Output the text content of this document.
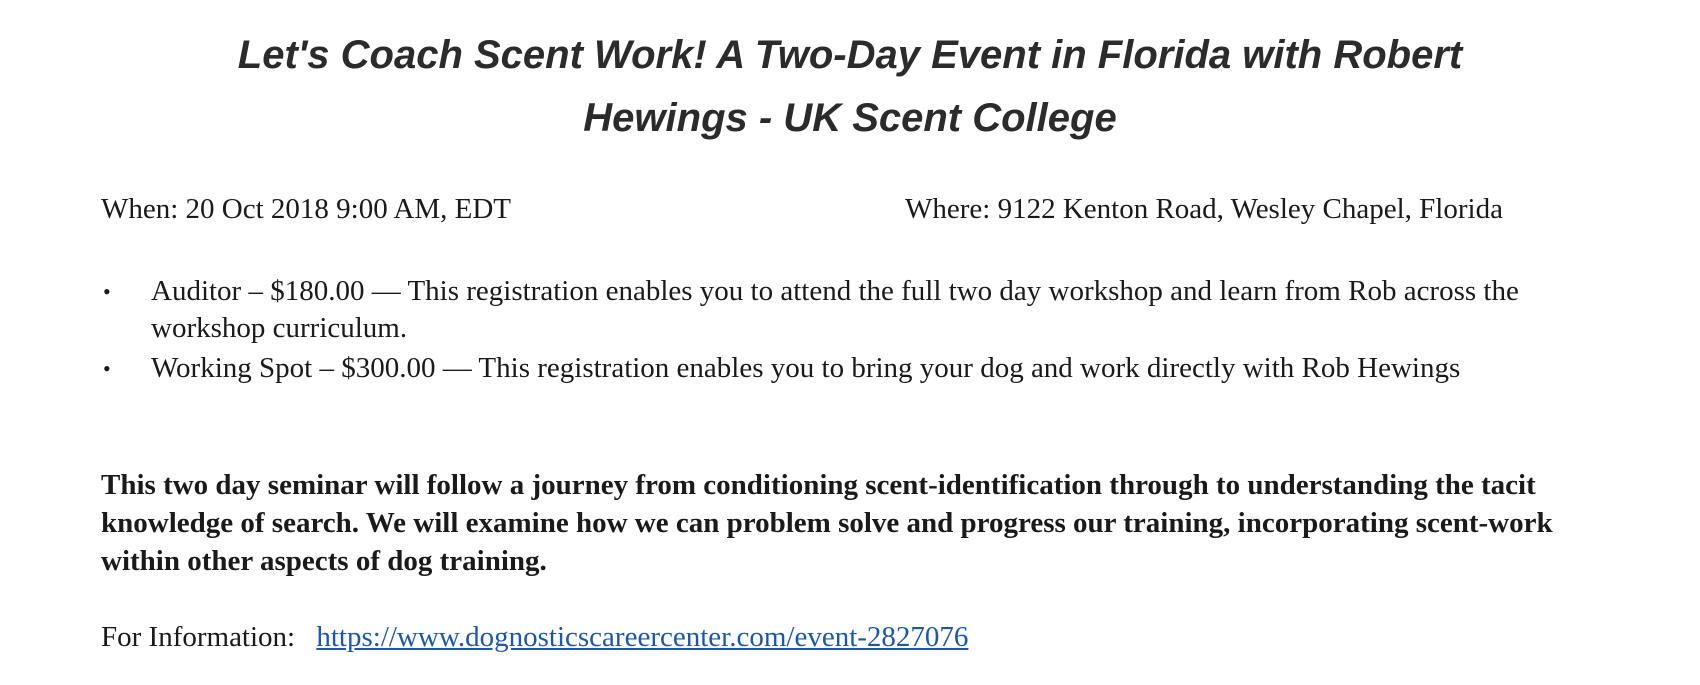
Let's Coach Scent Work! A Two-Day Event in Florida with Robert Hewings - UK Scent College
When: 20 Oct 2018 9:00 AM, EDT	Where: 9122 Kenton Road, Wesley Chapel, Florida
• Auditor – $180.00 — This registration enables you to attend the full two day workshop and learn from Rob across the workshop curriculum.
• Working Spot – $300.00 — This registration enables you to bring your dog and work directly with Rob Hewings

This two day seminar will follow a journey from conditioning scent-identification through to understanding the tacit knowledge of search. We will examine how we can problem solve and progress our training, incorporating scent-work within other aspects of dog training.

For Information: https://www.dognosticscareercenter.com/event-2827076
